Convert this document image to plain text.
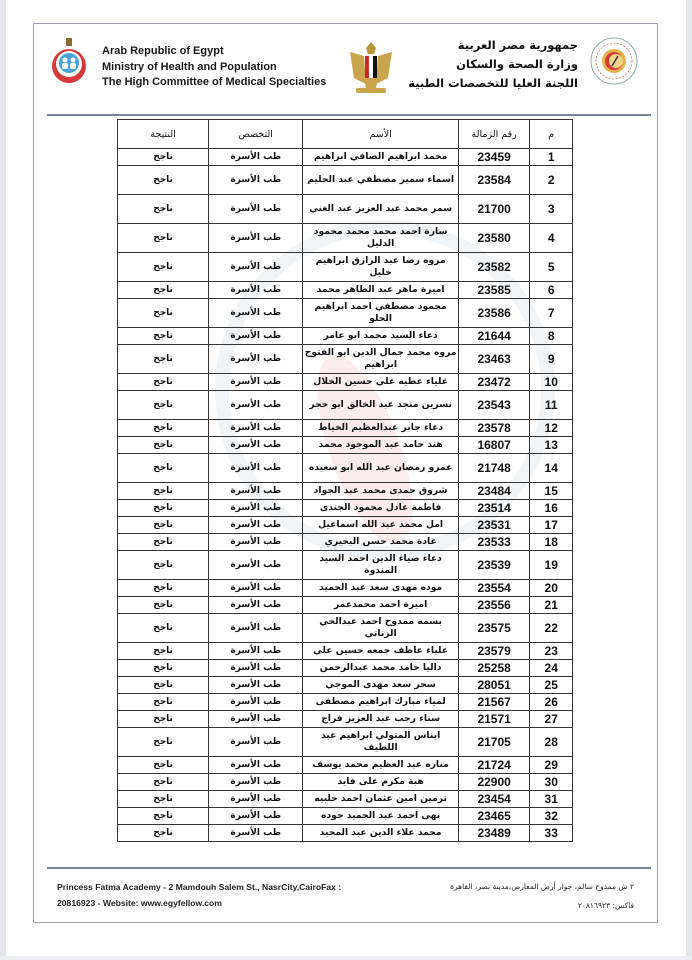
Arab Republic of Egypt
Ministry of Health and Population
The High Committee of Medical Specialties
جمهورية مصر العربية
وزارة الصحة والسكان
اللجنة العليا للتخصصات الطبية
م	رقم الزمالة	الأسم	التخصص	النتيجة
1	23459	محمد ابراهيم الصافي ابراهيم	طب الأسرة	ناجح
2	23584	اسماء سمير مصطفي عبد الحليم	طب الأسرة	ناجح
3	21700	سمر محمد عبد العزيز عبد الغني	طب الأسرة	ناجح
4	23580	سارة احمد محمد محمد محمود الدليل	طب الأسرة	ناجح
5	23582	مروه رضا عبد الرازق ابراهيم خليل	طب الأسرة	ناجح
6	23585	اميرة ماهر عبد الظاهر محمد	طب الأسرة	ناجح
7	23586	محمود مصطفي احمد ابراهيم الحلو	طب الأسرة	ناجح
8	21644	دعاء السيد محمد ابو عامر	طب الأسرة	ناجح
9	23463	مروه محمد جمال الدين ابو الفتوح ابراهيم	طب الأسرة	ناجح
10	23472	علياء عطيه علي حسين الخلال	طب الأسرة	ناجح
11	23543	نسرين منجد عبد الخالق ابو حجر	طب الأسرة	ناجح
12	23578	دعاء جابر عبدالعظيم الخياط	طب الأسرة	ناجح
13	16807	هند حامد عبد الموجود محمد	طب الأسرة	ناجح
14	21748	عمرو رمضان عبد الله ابو سعيده	طب الأسرة	ناجح
15	23484	شروق حمدى محمد عبد الجواد	طب الأسرة	ناجح
16	23514	فاطمة عادل محمود الجندى	طب الأسرة	ناجح
17	23531	امل محمد عبد الله اسماعيل	طب الأسرة	ناجح
18	23533	غادة محمد حسن البحيري	طب الأسرة	ناجح
19	23539	دعاء ضياء الدين احمد السيد المندوة	طب الأسرة	ناجح
20	23554	موده مهدى سعد عبد الحميد	طب الأسرة	ناجح
21	23556	اميرة احمد محمدعمر	طب الأسرة	ناجح
22	23575	بسمه ممدوح احمد عبدالحي الزناتي	طب الأسرة	ناجح
23	23579	علياء عاطف جمعه حسين علي	طب الأسرة	ناجح
24	25258	داليا حامد محمد عبدالرحمن	طب الأسرة	ناجح
25	28051	سحر سعد مهدى الموجي	طب الأسرة	ناجح
26	21567	لمياء مبارك ابراهيم مصطفى	طب الأسرة	ناجح
27	21571	سناء رجب عبد العزيز فراج	طب الأسرة	ناجح
28	21705	ايناس المتولي ابراهيم عبد اللطيف	طب الأسرة	ناجح
29	21724	مناره عبد العظيم محمد يوسف	طب الأسرة	ناجح
30	22900	هبة مكرم على فايد	طب الأسرة	ناجح
31	23454	نرمين امين عثمان احمد حلبيه	طب الأسرة	ناجح
32	23465	نهى احمد عبد الحميد جوده	طب الأسرة	ناجح
33	23489	محمد علاء الدين عبد المجيد	طب الأسرة	ناجح
Princess Fatma Academy - 2 Mamdouh Salem St., NasrCity,CairoFax :
20816923 - Website: www.egyfellow.com
٢ ش ممدوح سالم، جوار أرض المعارض،مدينة نصر، القاهرة
فاكس: ٢٠٨١٦٩٢٣
